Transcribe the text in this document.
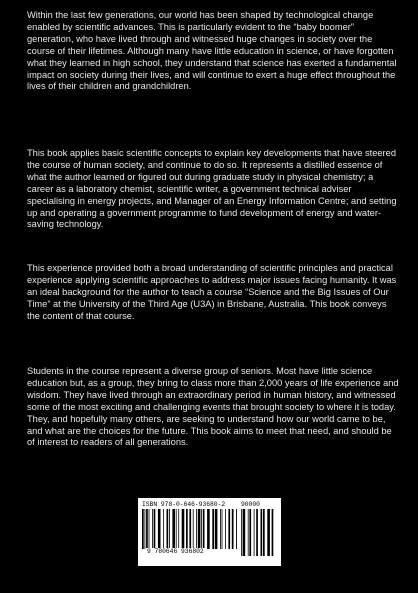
Within the last few generations, our world has been shaped by technological change enabled by scientific advances. This is particularly evident to the “baby boomer” generation, who have lived through and witnessed huge changes in society over the course of their lifetimes. Although many have little education in science, or have forgotten what they learned in high school, they understand that science has exerted a fundamental impact on society during their lives, and will continue to exert a huge effect throughout the lives of their children and grandchildren.

This book applies basic scientific concepts to explain key developments that have steered the course of human society, and continue to do so. It represents a distilled essence of what the author learned or figured out during graduate study in physical chemistry; a career as a laboratory chemist, scientific writer, a government technical adviser specialising in energy projects, and Manager of an Energy Information Centre; and setting up and operating a government programme to fund development of energy and water-saving technology.

This experience provided both a broad understanding of scientific principles and practical experience applying scientific approaches to address major issues facing humanity. It was an ideal background for the author to teach a course “Science and the Big Issues of Our Time” at the University of the Third Age (U3A) in Brisbane, Australia. This book conveys the content of that course.

Students in the course represent a diverse group of seniors. Most have little science education but, as a group, they bring to class more than 2,000 years of life experience and wisdom. They have lived through an extraordinary period in human history, and witnessed some of the most exciting and challenging events that brought society to where it is today. They, and hopefully many others, are seeking to understand how our world came to be, and what are the choices for the future. This book aims to meet that need, and should be of interest to readers of all generations.

ISBN 978-0-646-93680-2	90000
9 780646 936802
